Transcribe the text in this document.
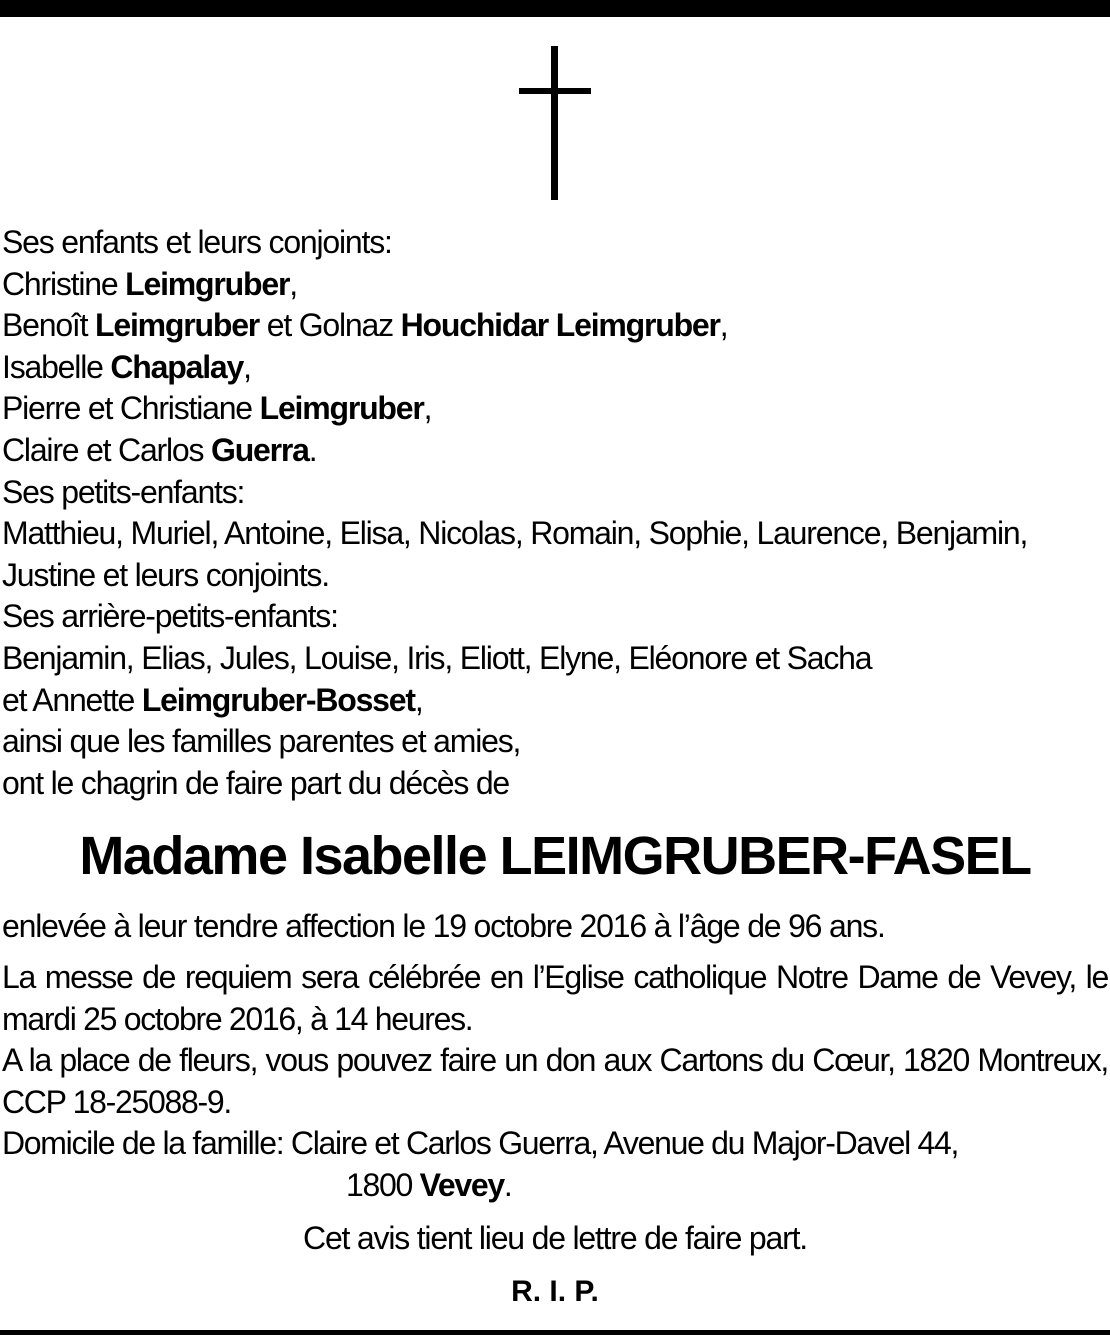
Ses enfants et leurs conjoints:
Christine Leimgruber,
Benoît Leimgruber et Golnaz Houchidar Leimgruber,
Isabelle Chapalay,
Pierre et Christiane Leimgruber,
Claire et Carlos Guerra.
Ses petits-enfants:
Matthieu, Muriel, Antoine, Elisa, Nicolas, Romain, Sophie, Laurence, Benjamin,
Justine et leurs conjoints.
Ses arrière-petits-enfants:
Benjamin, Elias, Jules, Louise, Iris, Eliott, Elyne, Eléonore et Sacha
et Annette Leimgruber-Bosset,
ainsi que les familles parentes et amies,
ont le chagrin de faire part du décès de
Madame Isabelle LEIMGRUBER-FASEL
enlevée à leur tendre affection le 19 octobre 2016 à l’âge de 96 ans.

La messe de requiem sera célébrée en l’Eglise catholique Notre Dame de Vevey, le mardi 25 octobre 2016, à 14 heures.

A la place de fleurs, vous pouvez faire un don aux Cartons du Cœur, 1820 Montreux, CCP 18-25088-9.

Domicile de la famille: Claire et Carlos Guerra, Avenue du Major-Davel 44,

1800 Vevey.

Cet avis tient lieu de lettre de faire part.
R. I. P.
